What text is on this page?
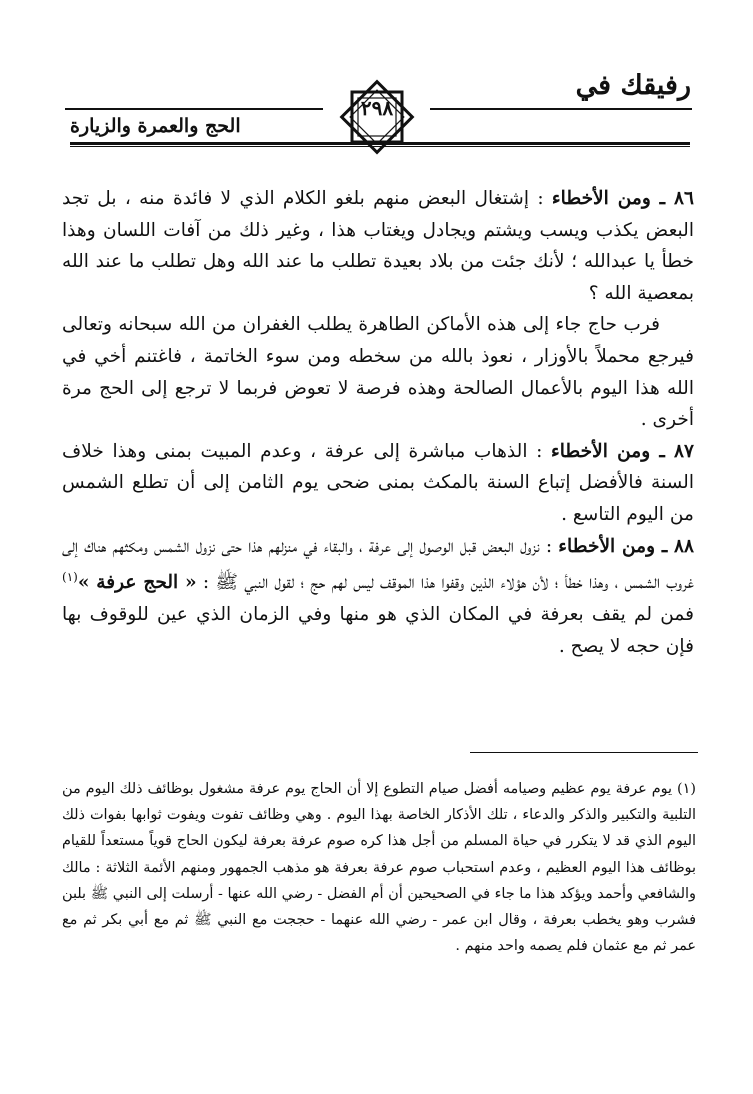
رفيقك في
الحج والعمرة والزيارة
٢٩٨

٨٦ ـ ومن الأخطاء : إشتغال البعض منهم بلغو الكلام الذي لا فائدة منه ، بل تجد البعض يكذب ويسب ويشتم ويجادل ويغتاب هذا ، وغير ذلك من آفات اللسان وهذا خطأ يا عبدالله ؛ لأنك جئت من بلاد بعيدة تطلب ما عند الله وهل تطلب ما عند الله بمعصية الله ؟

فرب حاج جاء إلى هذه الأماكن الطاهرة يطلب الغفران من الله سبحانه وتعالى فيرجع محملاً بالأوزار ، نعوذ بالله من سخطه ومن سوء الخاتمة ، فاغتنم أخي في الله هذا اليوم بالأعمال الصالحة وهذه فرصة لا تعوض فربما لا ترجع إلى الحج مرة أخرى .

٨٧ ـ ومن الأخطاء : الذهاب مباشرة إلى عرفة ، وعدم المبيت بمنى وهذا خلاف السنة فالأفضل إتباع السنة بالمكث بمنى ضحى يوم الثامن إلى أن تطلع الشمس من اليوم التاسع .

٨٨ ـ ومن الأخطاء : نزول البعض قبل الوصول إلى عرفة ، والبقاء في منزلهم هذا حتى نزول الشمس ومكثهم هناك إلى غروب الشمس ، وهذا خطأ ؛ لأن هؤلاء الذين وقفوا هذا الموقف ليس لهم حج ؛ لقول النبي ﷺ : « الحج عرفة »$^{(١)}$ فمن لم يقف بعرفة في المكان الذي هو منها وفي الزمان الذي عين للوقوف بها فإن حجه لا يصح .

(١) يوم عرفة يوم عظيم وصيامه أفضل صيام التطوع إلا أن الحاج يوم عرفة مشغول بوظائف ذلك اليوم من التلبية والتكبير والذكر والدعاء ، تلك الأذكار الخاصة بهذا اليوم . وهي وظائف تفوت ويفوت ثوابها بفوات ذلك اليوم الذي قد لا يتكرر في حياة المسلم من أجل هذا كره صوم عرفة بعرفة ليكون الحاج قوياً مستعداً للقيام بوظائف هذا اليوم العظيم ، وعدم استحباب صوم عرفة بعرفة هو مذهب الجمهور ومنهم الأئمة الثلاثة : مالك والشافعي وأحمد ويؤكد هذا ما جاء في الصحيحين أن أم الفضل - رضي الله عنها - أرسلت إلى النبي ﷺ بلبن فشرب وهو يخطب بعرفة ، وقال ابن عمر - رضي الله عنهما - حججت مع النبي ﷺ ثم مع أبي بكر ثم مع عمر ثم مع عثمان فلم يصمه واحد منهم .
